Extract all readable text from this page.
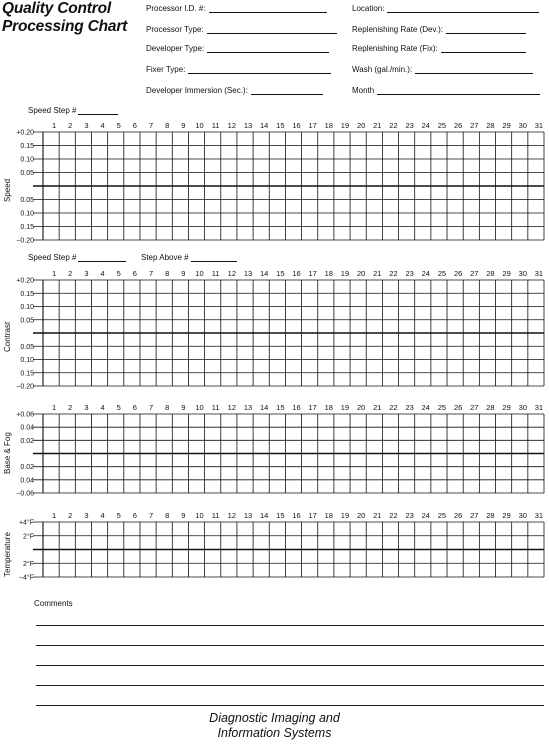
Quality Control
Processing Chart
Processor I.D. #:
Processor Type:
Developer Type:
Fixer Type:
Developer Immersion (Sec.):
Location:
Replenishing Rate (Dev.):
Replenishing Rate (Fix):
Wash (gal./min.):
Month
Speed Step #
Speed Step #	Step Above #
Speed
Contrast
Base & Fog
Temperature
1 2 3 4 5 6 7 8 9 10 11 12 13 14 15 16 17 18 19 20 21 22 23 24 25 26 27 28 29 30 31
+0.20
0.15
0.10
0.05
0.05
0.10
0.15
−0.20
1 2 3 4 5 6 7 8 9 10 11 12 13 14 15 16 17 18 19 20 21 22 23 24 25 26 27 28 29 30 31
+0.20
0.15
0.10
0.05
0.05
0.10
0.15
−0.20
1 2 3 4 5 6 7 8 9 10 11 12 13 14 15 16 17 18 19 20 21 22 23 24 25 26 27 28 29 30 31
+0.06
0.04
0.02
0.02
0.04
−0.06
1 2 3 4 5 6 7 8 9 10 11 12 13 14 15 16 17 18 19 20 21 22 23 24 25 26 27 28 29 30 31
+4°F
2°F
2°F
−4°F
Comments
Diagnostic Imaging and
Information Systems
